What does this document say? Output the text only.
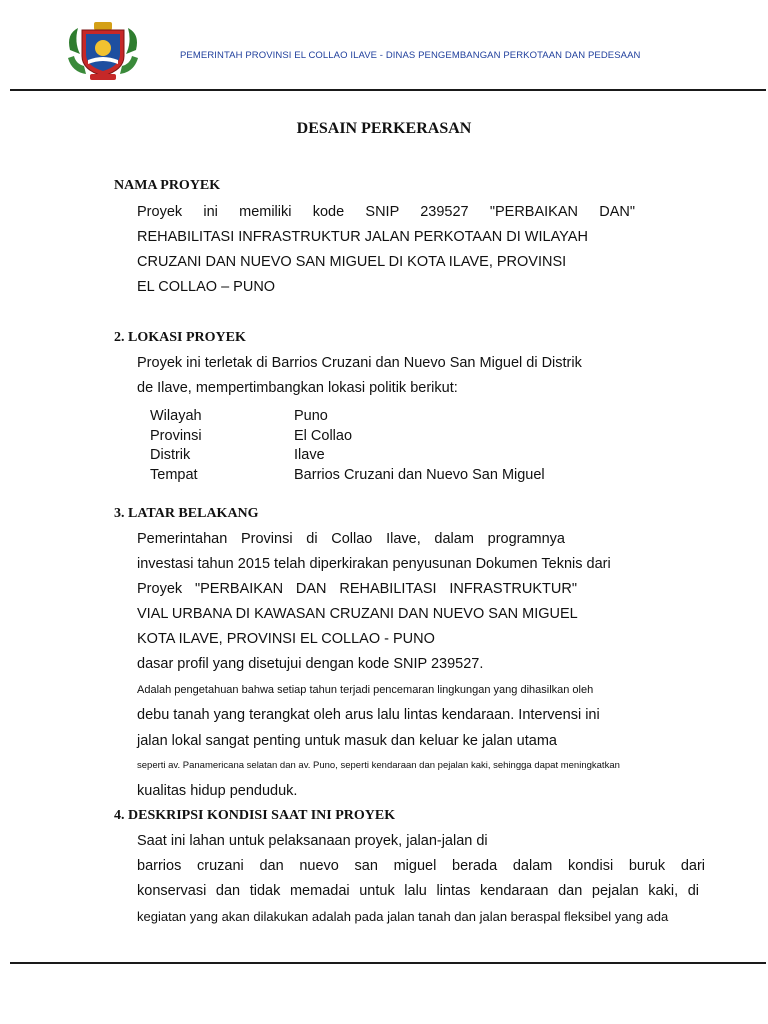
PEMERINTAH PROVINSI EL COLLAO ILAVE - DINAS PENGEMBANGAN PERKOTAAN DAN PEDESAAN
DESAIN PERKERASAN
NAMA PROYEK
Proyek ini memiliki kode SNIP 239527 "PERBAIKAN DAN"
REHABILITASI INFRASTRUKTUR JALAN PERKOTAAN DI WILAYAH
CRUZANI DAN NUEVO SAN MIGUEL DI KOTA ILAVE, PROVINSI
EL COLLAO – PUNO
2. LOKASI PROYEK
Proyek ini terletak di Barrios Cruzani dan Nuevo San Miguel di Distrik
de Ilave, mempertimbangkan lokasi politik berikut:
Wilayah	Puno
Provinsi	El Collao
Distrik	Ilave
Tempat	Barrios Cruzani dan Nuevo San Miguel
3. LATAR BELAKANG
Pemerintahan Provinsi di Collao Ilave, dalam programnya
investasi tahun 2015 telah diperkirakan penyusunan Dokumen Teknis dari
Proyek "PERBAIKAN DAN REHABILITASI INFRASTRUKTUR"
VIAL URBANA DI KAWASAN CRUZANI DAN NUEVO SAN MIGUEL
KOTA ILAVE, PROVINSI EL COLLAO - PUNO
dasar profil yang disetujui dengan kode SNIP 239527.
Adalah pengetahuan bahwa setiap tahun terjadi pencemaran lingkungan yang dihasilkan oleh
debu tanah yang terangkat oleh arus lalu lintas kendaraan. Intervensi ini
jalan lokal sangat penting untuk masuk dan keluar ke jalan utama
seperti av. Panamericana selatan dan av. Puno, seperti kendaraan dan pejalan kaki, sehingga dapat meningkatkan
kualitas hidup penduduk.
4. DESKRIPSI KONDISI SAAT INI PROYEK
Saat ini lahan untuk pelaksanaan proyek, jalan-jalan di
barrios cruzani dan nuevo san miguel berada dalam kondisi buruk dari
konservasi dan tidak memadai untuk lalu lintas kendaraan dan pejalan kaki, di
kegiatan yang akan dilakukan adalah pada jalan tanah dan jalan beraspal fleksibel yang ada
